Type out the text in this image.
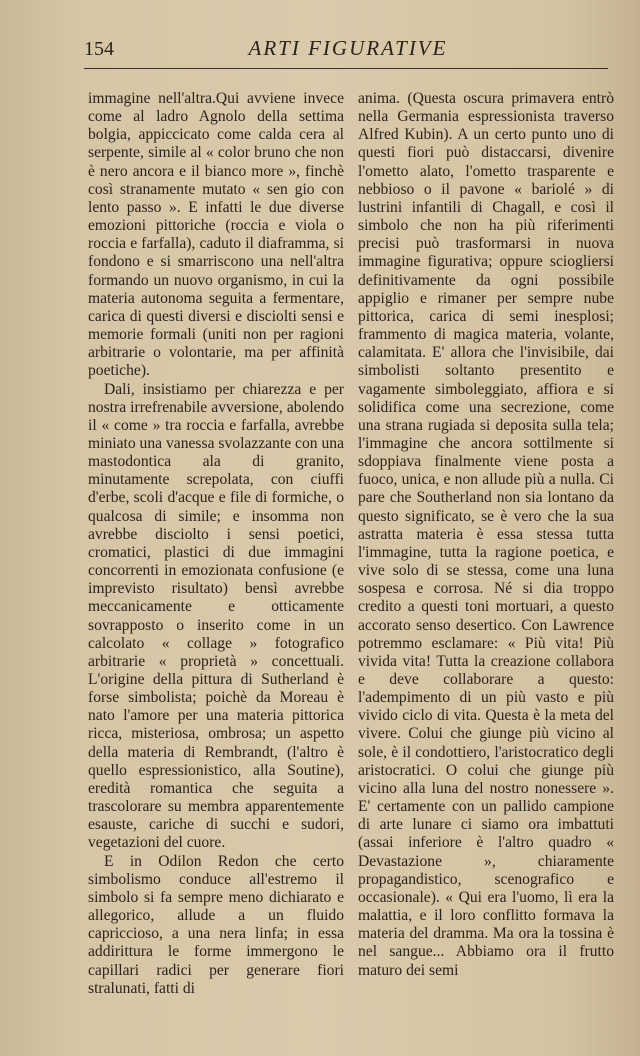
154	ARTI FIGURATIVE

immagine nell'altra.Qui avviene invece come al ladro Agnolo della settima bolgia, appiccicato come calda cera al serpente, simile al « color bruno che non è nero ancora e il bianco more », finchè così stranamente mutato « sen gio con lento passo ». E infatti le due diverse emozioni pittoriche (roccia e viola o roccia e farfalla), caduto il diaframma, si fondono e si smarriscono una nell'altra formando un nuovo organismo, in cui la materia autonoma seguita a fermentare, carica di questi diversi e disciolti sensi e memorie formali (uniti non per ragioni arbitrarie o volontarie, ma per affinità poetiche).

Dali, insistiamo per chiarezza e per nostra irrefrenabile avversione, abolendo il « come » tra roccia e farfalla, avrebbe miniato una vanessa svolazzante con una mastodontica ala di granito, minutamente screpolata, con ciuffi d'erbe, scoli d'acque e file di formiche, o qualcosa di simile; e insomma non avrebbe disciolto i sensi poetici, cromatici, plastici di due immagini concorrenti in emozionata confusione (e imprevisto risultato) bensì avrebbe meccanicamente e otticamente sovrapposto o inserito come in un calcolato « collage » fotografico arbitrarie « proprietà » concettuali. L'origine della pittura di Sutherland è forse simbolista; poichè da Moreau è nato l'amore per una materia pittorica ricca, misteriosa, ombrosa; un aspetto della materia di Rembrandt, (l'altro è quello espressionistico, alla Soutine), eredità romantica che seguita a trascolorare su membra apparentemente esauste, cariche di succhi e sudori, vegetazioni del cuore.

E in Odilon Redon che certo simbolismo conduce all'estremo il simbolo si fa sempre meno dichiarato e allegorico, allude a un fluido capriccioso, a una nera linfa; in essa addirittura le forme immergono le capillari radici per generare fiori stralunati, fatti di

anima. (Questa oscura primavera entrò nella Germania espressionista traverso Alfred Kubin). A un certo punto uno di questi fiori può distaccarsi, divenire l'ometto alato, l'ometto trasparente e nebbioso o il pavone « bariolé » di lustrini infantili di Chagall, e così il simbolo che non ha più riferimenti precisi può trasformarsi in nuova immagine figurativa; oppure sciogliersi definitivamente da ogni possibile appiglio e rimaner per sempre nube pittorica, carica di semi inesplosi; frammento di magica materia, volante, calamitata. E' allora che l'invisibile, dai simbolisti soltanto presentito e vagamente simboleggiato, affiora e si solidifica come una secrezione, come una strana rugiada si deposita sulla tela; l'immagine che ancora sottilmente si sdoppiava finalmente viene posta a fuoco, unica, e non allude più a nulla. Ci pare che Southerland non sia lontano da questo significato, se è vero che la sua astratta materia è essa stessa tutta l'immagine, tutta la ragione poetica, e vive solo di se stessa, come una luna sospesa e corrosa. Né si dia troppo credito a questi toni mortuari, a questo accorato senso desertico. Con Lawrence potremmo esclamare: « Più vita! Più vivida vita! Tutta la creazione collabora e deve collaborare a questo: l'adempimento di un più vasto e più vivido ciclo di vita. Questa è la meta del vivere. Colui che giunge più vicino al sole, è il condottiero, l'aristocratico degli aristocratici. O colui che giunge più vicino alla luna del nostro nonessere ». E' certamente con un pallido campione di arte lunare ci siamo ora imbattuti (assai inferiore è l'altro quadro « Devastazione », chiaramente propagandistico, scenografico e occasionale). « Qui era l'uomo, lì era la malattia, e il loro conflitto formava la materia del dramma. Ma ora la tossina è nel sangue... Abbiamo ora il frutto maturo dei semi
